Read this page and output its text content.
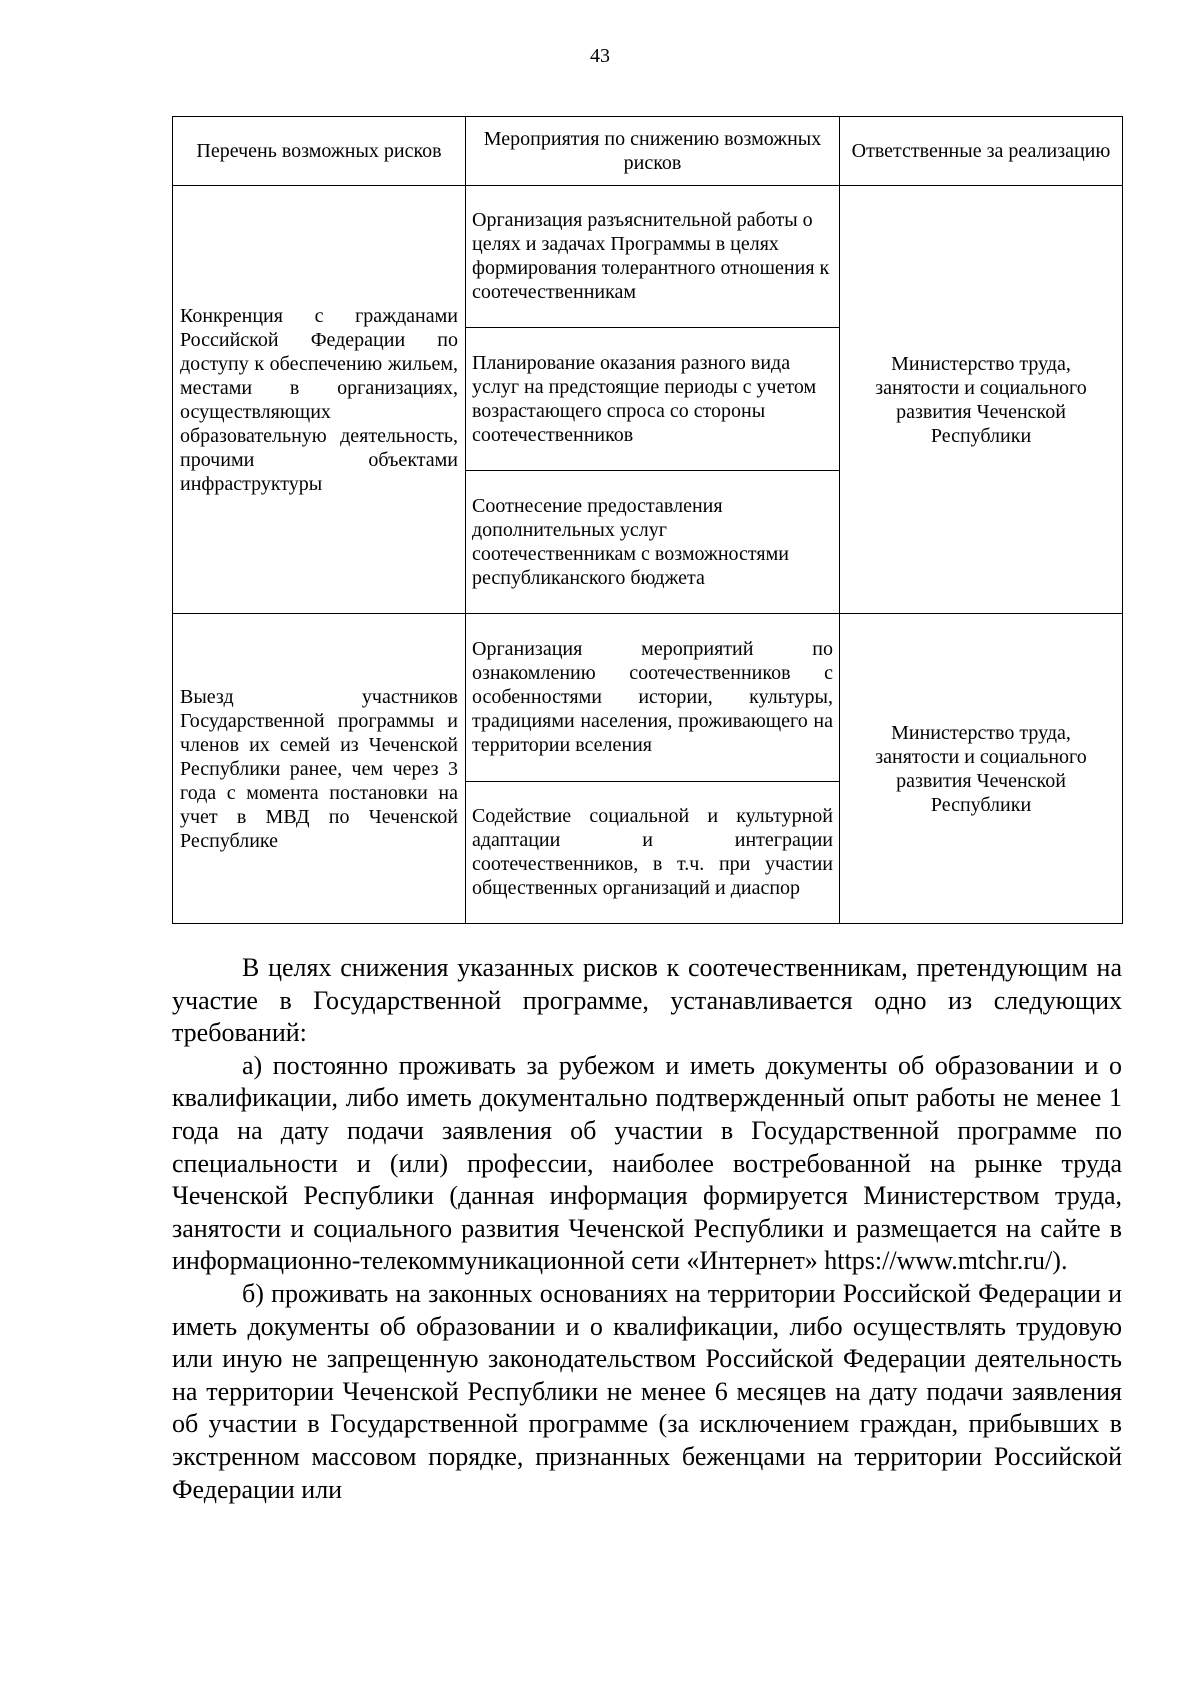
43
Перечень возможных рисков	Мероприятия по снижению возможных рисков	Ответственные за реализацию
Конкренция с гражданами Российской Федерации по доступу к обеспечению жильем, местами в организациях, осуществляющих образовательную деятельность, прочими объектами инфраструктуры	Организация разъяснительной работы о целях и задачах Программы в целях формирования толерантного отношения к соотечественникам	Министерство труда, занятости и социального развития Чеченской Республики
	Планирование оказания разного вида услуг на предстоящие периоды с учетом возрастающего спроса со стороны соотечественников	
	Соотнесение предоставления дополнительных услуг соотечественникам с возможностями республиканского бюджета	
Выезд участников Государственной программы и членов их семей из Чеченской Республики ранее, чем через 3 года с момента постановки на учет в МВД по Чеченской Республике	Организация мероприятий по ознакомлению соотечественников с особенностями истории, культуры, традициями населения, проживающего на территории вселения	Министерство труда, занятости и социального развития Чеченской Республики
	Содействие социальной и культурной адаптации и интеграции соотечественников, в т.ч. при участии общественных организаций и диаспор	

В целях снижения указанных рисков к соотечественникам, претендующим на участие в Государственной программе, устанавливается одно из следующих требований:

а) постоянно проживать за рубежом и иметь документы об образовании и о квалификации, либо иметь документально подтвержденный опыт работы не менее 1 года на дату подачи заявления об участии в Государственной программе по специальности и (или) профессии, наиболее востребованной на рынке труда Чеченской Республики (данная информация формируется Министерством труда, занятости и социального развития Чеченской Республики и размещается на сайте в информационно-телекоммуникационной сети «Интернет» https://www.mtchr.ru/).

б) проживать на законных основаниях на территории Российской Федерации и иметь документы об образовании и о квалификации, либо осуществлять трудовую или иную не запрещенную законодательством Российской Федерации деятельность на территории Чеченской Республики не менее 6 месяцев на дату подачи заявления об участии в Государственной программе (за исключением граждан, прибывших в экстренном массовом порядке, признанных беженцами на территории Российской Федерации или
